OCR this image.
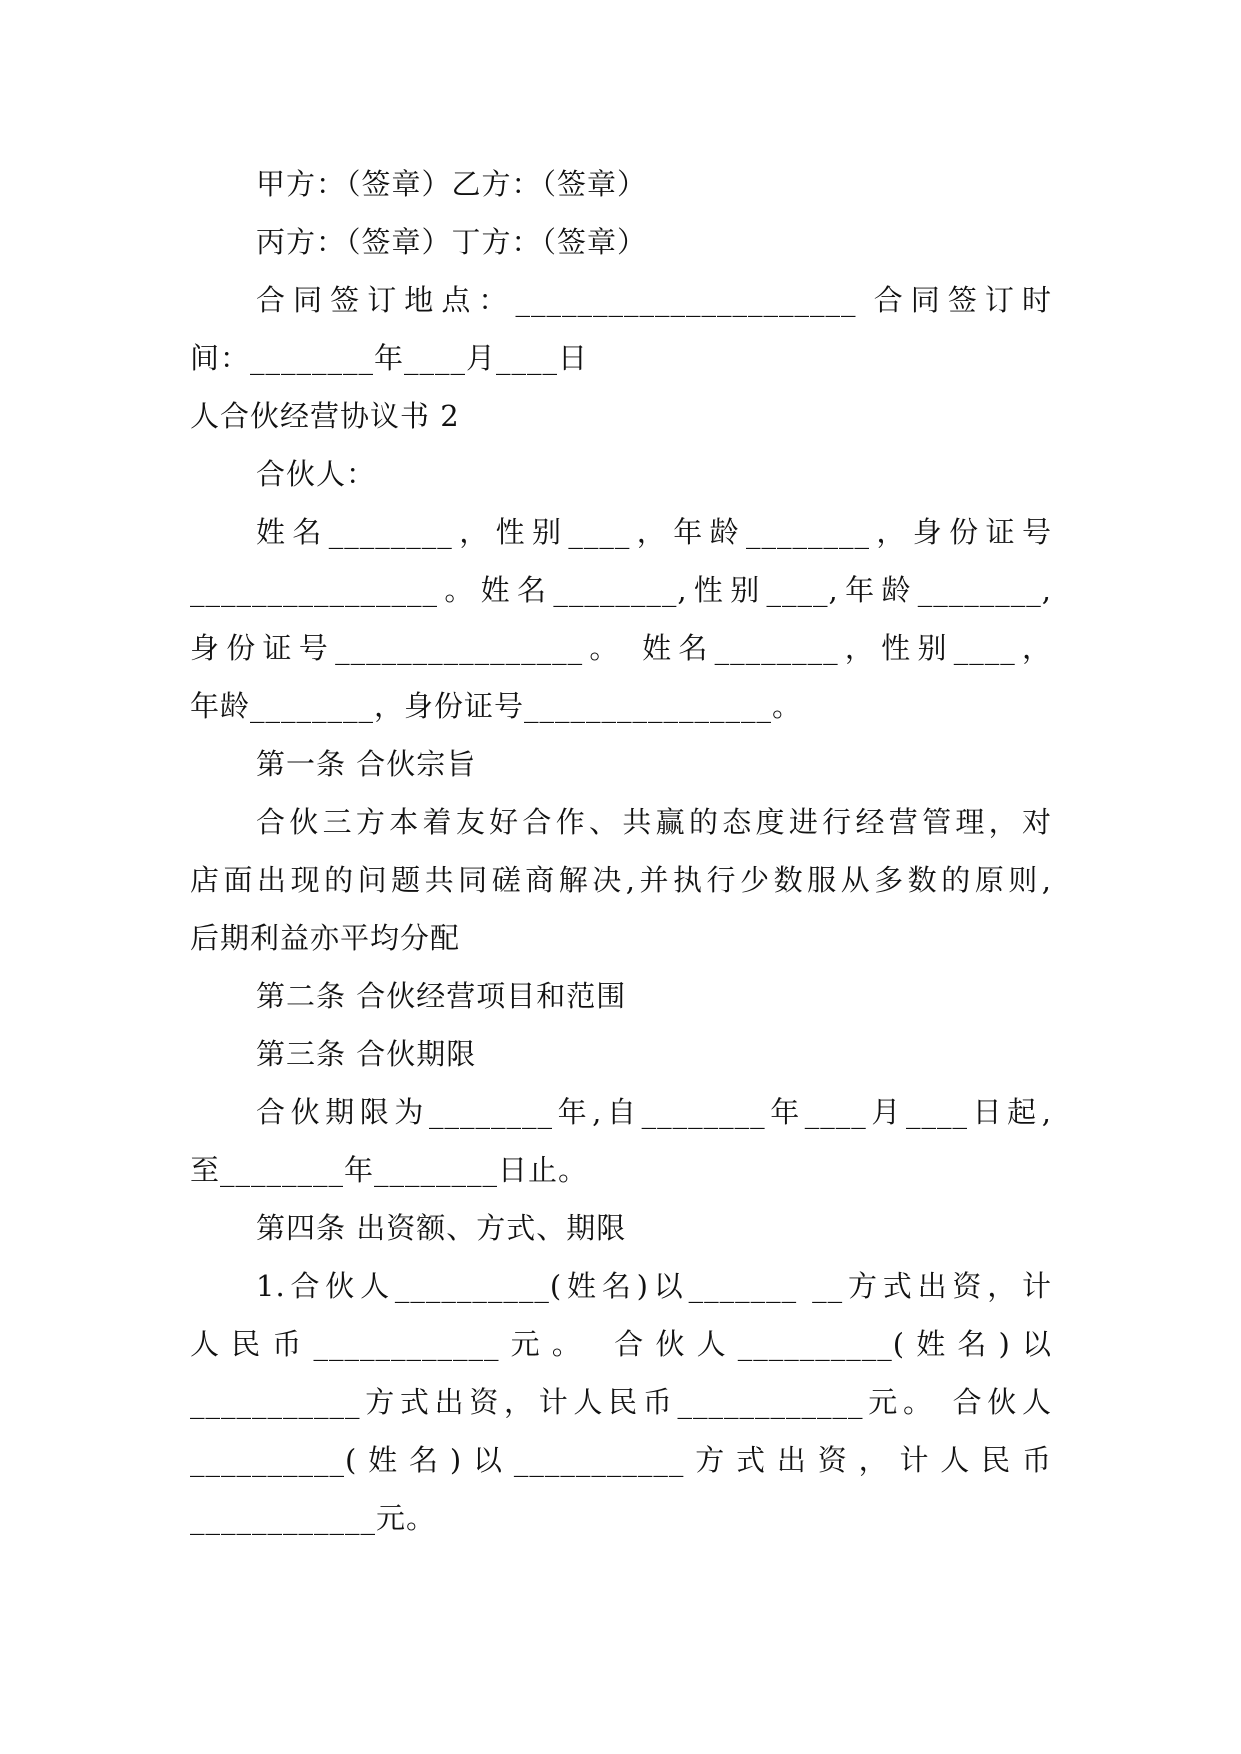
甲方：（签章）乙方：（签章）
丙方：（签章）丁方：（签章）
合同签订地点：______________________ 合同签订时
间：________年____月____日
人合伙经营协议书 2
合伙人：
姓名________，性别____，年龄________，身份证号
________________。姓名________,性别____,年龄________,
身份证号________________。 姓名________，性别____，
年龄________，身份证号________________。
第一条 合伙宗旨
合伙三方本着友好合作、共赢的态度进行经营管理，对
店面出现的问题共同磋商解决,并执行少数服从多数的原则,
后期利益亦平均分配
第二条 合伙经营项目和范围
第三条 合伙期限
合伙期限为________年,自________年____月____日起,
至________年________日止。
第四条 出资额、方式、期限
1.合伙人__________(姓名)以_______ __方式出资，计
人民币____________元。 合伙人__________(姓名)以
___________方式出资，计人民币____________元。 合伙人
__________(姓名)以___________方式出资，计人民币
____________元。
